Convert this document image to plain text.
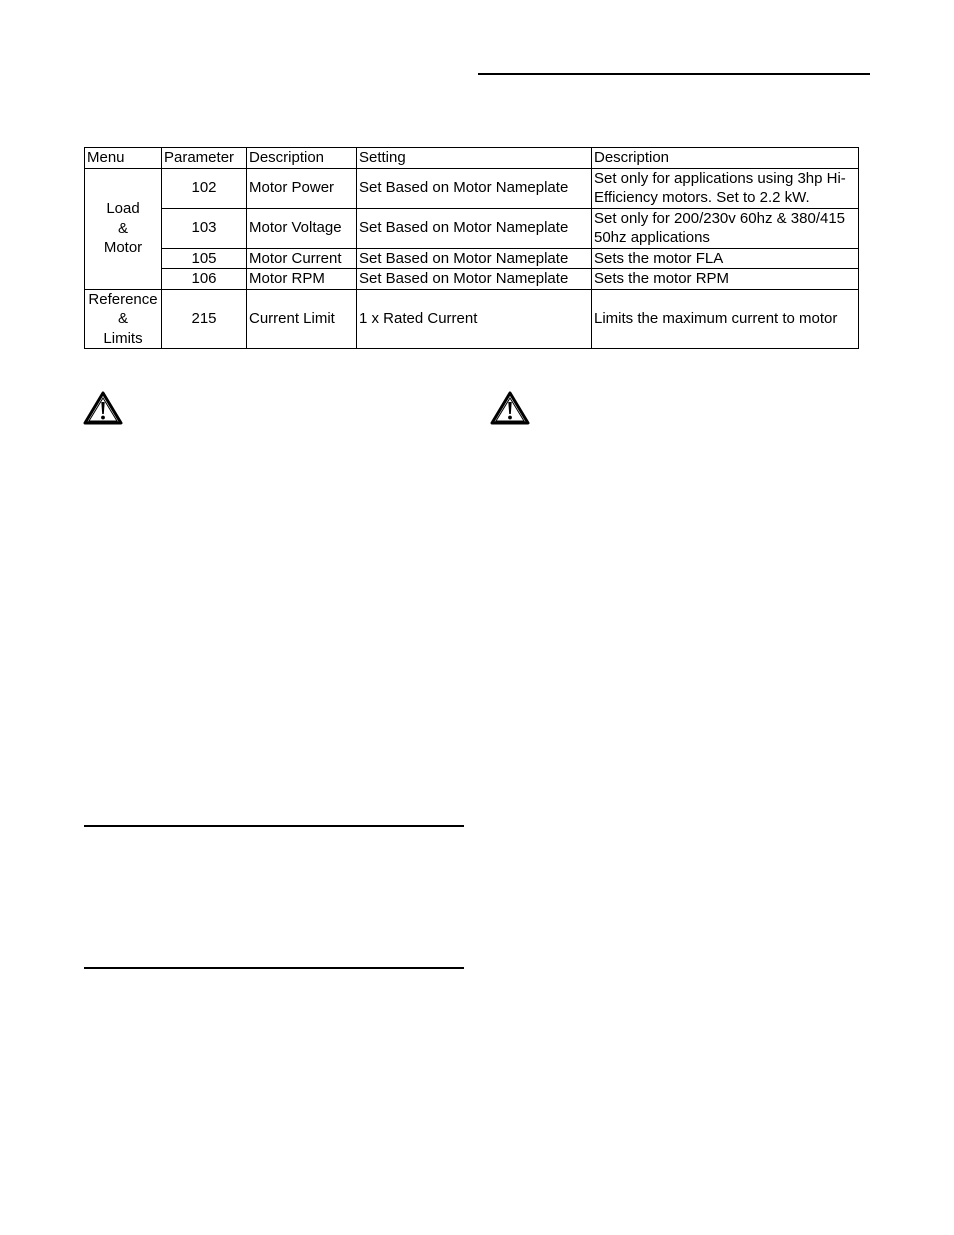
Menu	Parameter	Description	Setting	Description

Load
&
Motor	102	Motor Power	Set Based on Motor Nameplate	Set only for applications using 3hp Hi-Efficiency motors. Set to 2.2 kW.
	103	Motor Voltage	Set Based on Motor Nameplate	Set only for 200/230v 60hz & 380/415 50hz applications
	105	Motor Current	Set Based on Motor Nameplate	Sets the motor FLA
	106	Motor RPM	Set Based on Motor Nameplate	Sets the motor RPM

Reference
&
Limits	215	Current Limit	1 x Rated Current	Limits the maximum current to motor
